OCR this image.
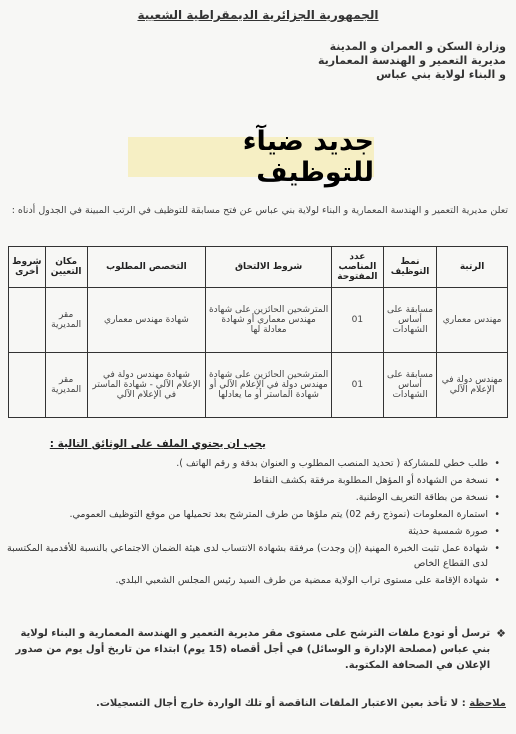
الجمهورية الجزائرية الديمقراطية الشعبية
وزارة السكن و العمران و المدينة
مديرية التعمير و الهندسة المعمارية
و البناء لولاية بني عباس
جديد ضيآء للتوظيف
تعلن مديرية التعمير و الهندسة المعمارية و البناء لولاية بني عباس عن فتح مسابقة للتوظيف في الرتب المبينة في الجدول أدناه :
الرتبة	نمط التوظيف	عدد المناصب المفتوحة	شروط الالتحاق	التخصص المطلوب	مكان التعيين	شروط أخرى
مهندس معماري	مسابقة على أساس الشهادات	01	المترشحين الحائزين على شهادة مهندس معماري أو شهادة معادلة لها	شهادة مهندس معماري	مقر المديرية	
مهندس دولة في الإعلام الآلي	مسابقة على أساس الشهادات	01	المترشحين الحائزين على شهادة مهندس دولة في الإعلام الآلي أو شهادة الماستر أو ما يعادلها	شهادة مهندس دولة في الإعلام الآلي - شهادة الماستر في الإعلام الآلي	مقر المديرية	
يجب ان يحتوي الملف على الوثائق التالية :
• طلب خطي للمشاركة ( تحديد المنصب المطلوب و العنوان بدقة و رقم الهاتف ).
• نسخة من الشهادة أو المؤهل المطلوبة مرفقة بكشف النقاط
• نسخة من بطاقة التعريف الوطنية.
• استمارة المعلومات (نموذج رقم 02) يتم ملؤها من طرف المترشح بعد تحميلها من موقع التوظيف العمومي.
• صورة شمسية حديثة
• شهادة عمل تثبت الخبرة المهنية (إن وجدت) مرفقة بشهادة الانتساب لدى هيئة الضمان الاجتماعي بالنسبة للأقدمية المكتسبة لدى القطاع الخاص
• شهادة الإقامة على مستوى تراب الولاية ممضية من طرف السيد رئيس المجلس الشعبي البلدي.
❖
ترسل أو تودع ملفات الترشح على مستوى مقر مديرية التعمير و الهندسة المعمارية و البناء لولاية بني عباس (مصلحة الإدارة و الوسائل) في أجل أقصاه (15 يوم) ابتداء من تاريخ أول يوم من صدور الإعلان في الصحافة المكتوبة.
ملاحظة : لا تأخذ بعين الاعتبار الملفات الناقصة أو تلك الواردة خارج أجال التسجيلات.
